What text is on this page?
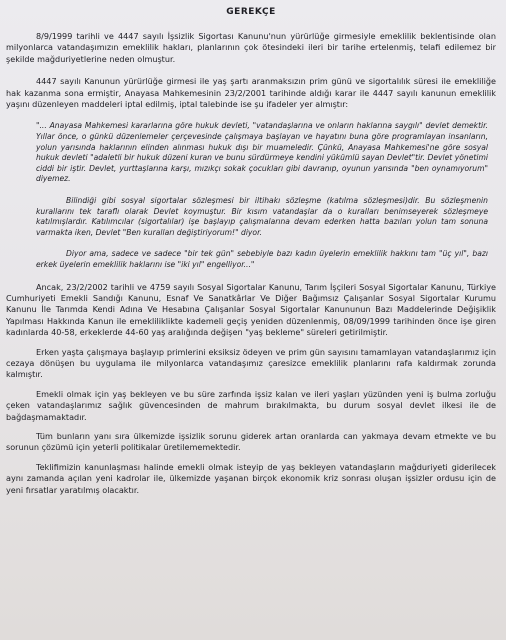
GEREKÇE

8/9/1999 tarihli ve 4447 sayılı İşsizlik Sigortası Kanunu'nun yürürlüğe girmesiyle emeklilik beklentisinde olan milyonlarca vatandaşımızın emeklilik hakları, planlarının çok ötesindeki ileri bir tarihe ertelenmiş, telafi edilemez bir şekilde mağduriyetlerine neden olmuştur.

4447 sayılı Kanunun yürürlüğe girmesi ile yaş şartı aranmaksızın prim günü ve sigortalılık süresi ile emekliliğe hak kazanma sona ermiştir, Anayasa Mahkemesinin 23/2/2001 tarihinde aldığı karar ile 4447 sayılı kanunun emeklilik yaşını düzenleyen maddeleri iptal edilmiş, iptal talebinde ise şu ifadeler yer almıştır:

"... Anayasa Mahkemesi kararlarına göre hukuk devleti, "vatandaşlarına ve onların haklarına saygılı" devlet demektir. Yıllar önce, o günkü düzenlemeler çerçevesinde çalışmaya başlayan ve hayatını buna göre programlayan insanların, yolun yarısında haklarının elinden alınması hukuk dışı bir muameledir. Çünkü, Anayasa Mahkemesi'ne göre sosyal hukuk devleti "adaletli bir hukuk düzeni kuran ve bunu sürdürmeye kendini yükümlü sayan Devlet"tir. Devlet yönetimi ciddi bir iştir. Devlet, yurttaşlarına karşı, mızıkçı sokak çocukları gibi davranıp, oyunun yarısında "ben oynamıyorum" diyemez.

Bilindiği gibi sosyal sigortalar sözleşmesi bir iltihakı sözleşme (katılma sözleşmesi)dir. Bu sözleşmenin kurallarını tek taraflı olarak Devlet koymuştur. Bir kısım vatandaşlar da o kuralları benimseyerek sözleşmeye katılmışlardır. Katılımcılar (sigortalılar) işe başlayıp çalışmalarına devam ederken hatta bazıları yolun tam sonuna varmakta iken, Devlet "Ben kuralları değiştiriyorum!" diyor.

Diyor ama, sadece ve sadece "bir tek gün" sebebiyle bazı kadın üyelerin emeklilik hakkını tam "üç yıl", bazı erkek üyelerin emeklilik haklarını ise "iki yıl" engelliyor..."

Ancak, 23/2/2002 tarihli ve 4759 sayılı Sosyal Sigortalar Kanunu, Tarım İşçileri Sosyal Sigortalar Kanunu, Türkiye Cumhuriyeti Emekli Sandığı Kanunu, Esnaf Ve Sanatkârlar Ve Diğer Bağımsız Çalışanlar Sosyal Sigortalar Kurumu Kanunu İle Tarımda Kendi Adına Ve Hesabına Çalışanlar Sosyal Sigortalar Kanununun Bazı Maddelerinde Değişiklik Yapılması Hakkında Kanun ile emekliliklikte kademeli geçiş yeniden düzenlenmiş, 08/09/1999 tarihinden önce işe giren kadınlarda 40-58, erkeklerde 44-60 yaş aralığında değişen "yaş bekleme" süreleri getirilmiştir.

Erken yaşta çalışmaya başlayıp primlerini eksiksiz ödeyen ve prim gün sayısını tamamlayan vatandaşlarımız için cezaya dönüşen bu uygulama ile milyonlarca vatandaşımız çaresizce emeklilik planlarını rafa kaldırmak zorunda kalmıştır.

Emekli olmak için yaş bekleyen ve bu süre zarfında işsiz kalan ve ileri yaşları yüzünden yeni iş bulma zorluğu çeken vatandaşlarımız sağlık güvencesinden de mahrum bırakılmakta, bu durum sosyal devlet ilkesi ile de bağdaşmamaktadır.

Tüm bunların yanı sıra ülkemizde işsizlik sorunu giderek artan oranlarda can yakmaya devam etmekte ve bu sorunun çözümü için yeterli politikalar üretilememektedir.

Teklifimizin kanunlaşması halinde emekli olmak isteyip de yaş bekleyen vatandaşların mağduriyeti giderilecek aynı zamanda açılan yeni kadrolar ile, ülkemizde yaşanan birçok ekonomik kriz sonrası oluşan işsizler ordusu için de yeni fırsatlar yaratılmış olacaktır.
